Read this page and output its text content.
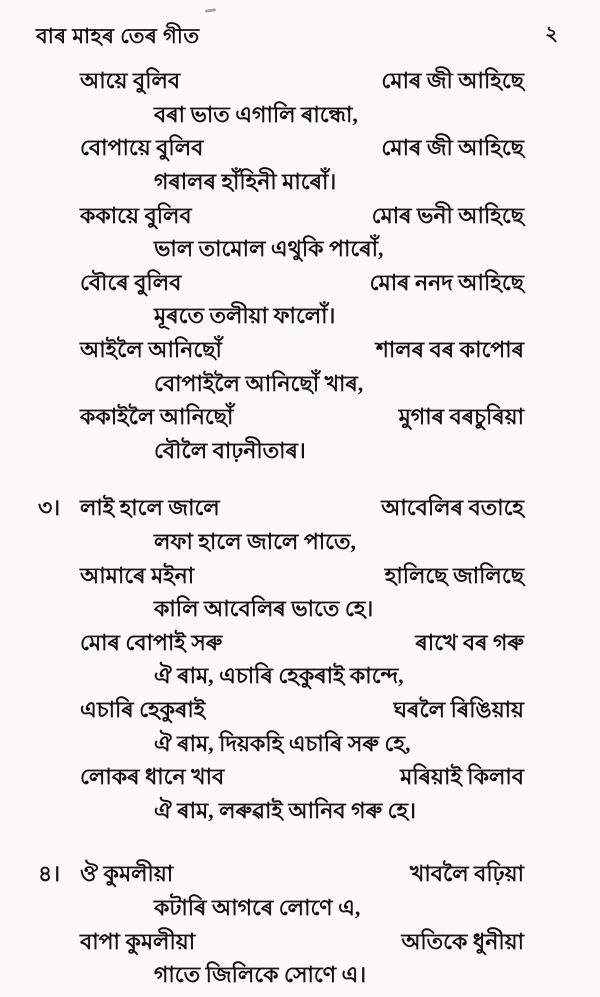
বাৰ মাহৰ তেৰ গীত	২
আয়ে বুলিব	মোৰ জী আহিছে
বৰা ভাত এগালি ৰান্ধো,
বোপায়ে বুলিব	মোৰ জী আহিছে
গৰালৰ হাঁহিনী মাৰোঁ।
ককায়ে বুলিব	মোৰ ভনী আহিছে
ভাল তামোল এথুকি পাৰোঁ,
বৌৰে বুলিব	মোৰ ননদ আহিছে
মূৰতে তলীয়া ফালোঁ।
আইলৈ আনিছোঁ	শালৰ বৰ কাপোৰ
বোপাইলৈ আনিছোঁ খাৰ,
ককাইলৈ আনিছোঁ	মুগাৰ বৰচুৰিয়া
বৌলৈ বাঢ়নীতাৰ।
৩। লাই হালে জালে	আবেলিৰ বতাহে
লফা হালে জালে পাতে,
আমাৰে মইনা	হালিছে জালিছে
কালি আবেলিৰ ভাতে হে।
মোৰ বোপাই সৰু	ৰাখে বৰ গৰু
ঐ ৰাম, এচাৰি হেকুৰাই কান্দে,
এচাৰি হেকুৰাই	ঘৰলৈ ৰিঙিয়ায়
ঐ ৰাম, দিয়কহি এচাৰি সৰু হে,
লোকৰ ধানে খাব	মৰিয়াই কিলাব
ঐ ৰাম, লৰুৱাই আনিব গৰু হে।
৪। ঔ কুমলীয়া	খাবলৈ বঢ়িয়া
কটাৰি আগৰে লোণে এ,
বাপা কুমলীয়া	অতিকে ধুনীয়া
গাতে জিলিকে সোণে এ।
